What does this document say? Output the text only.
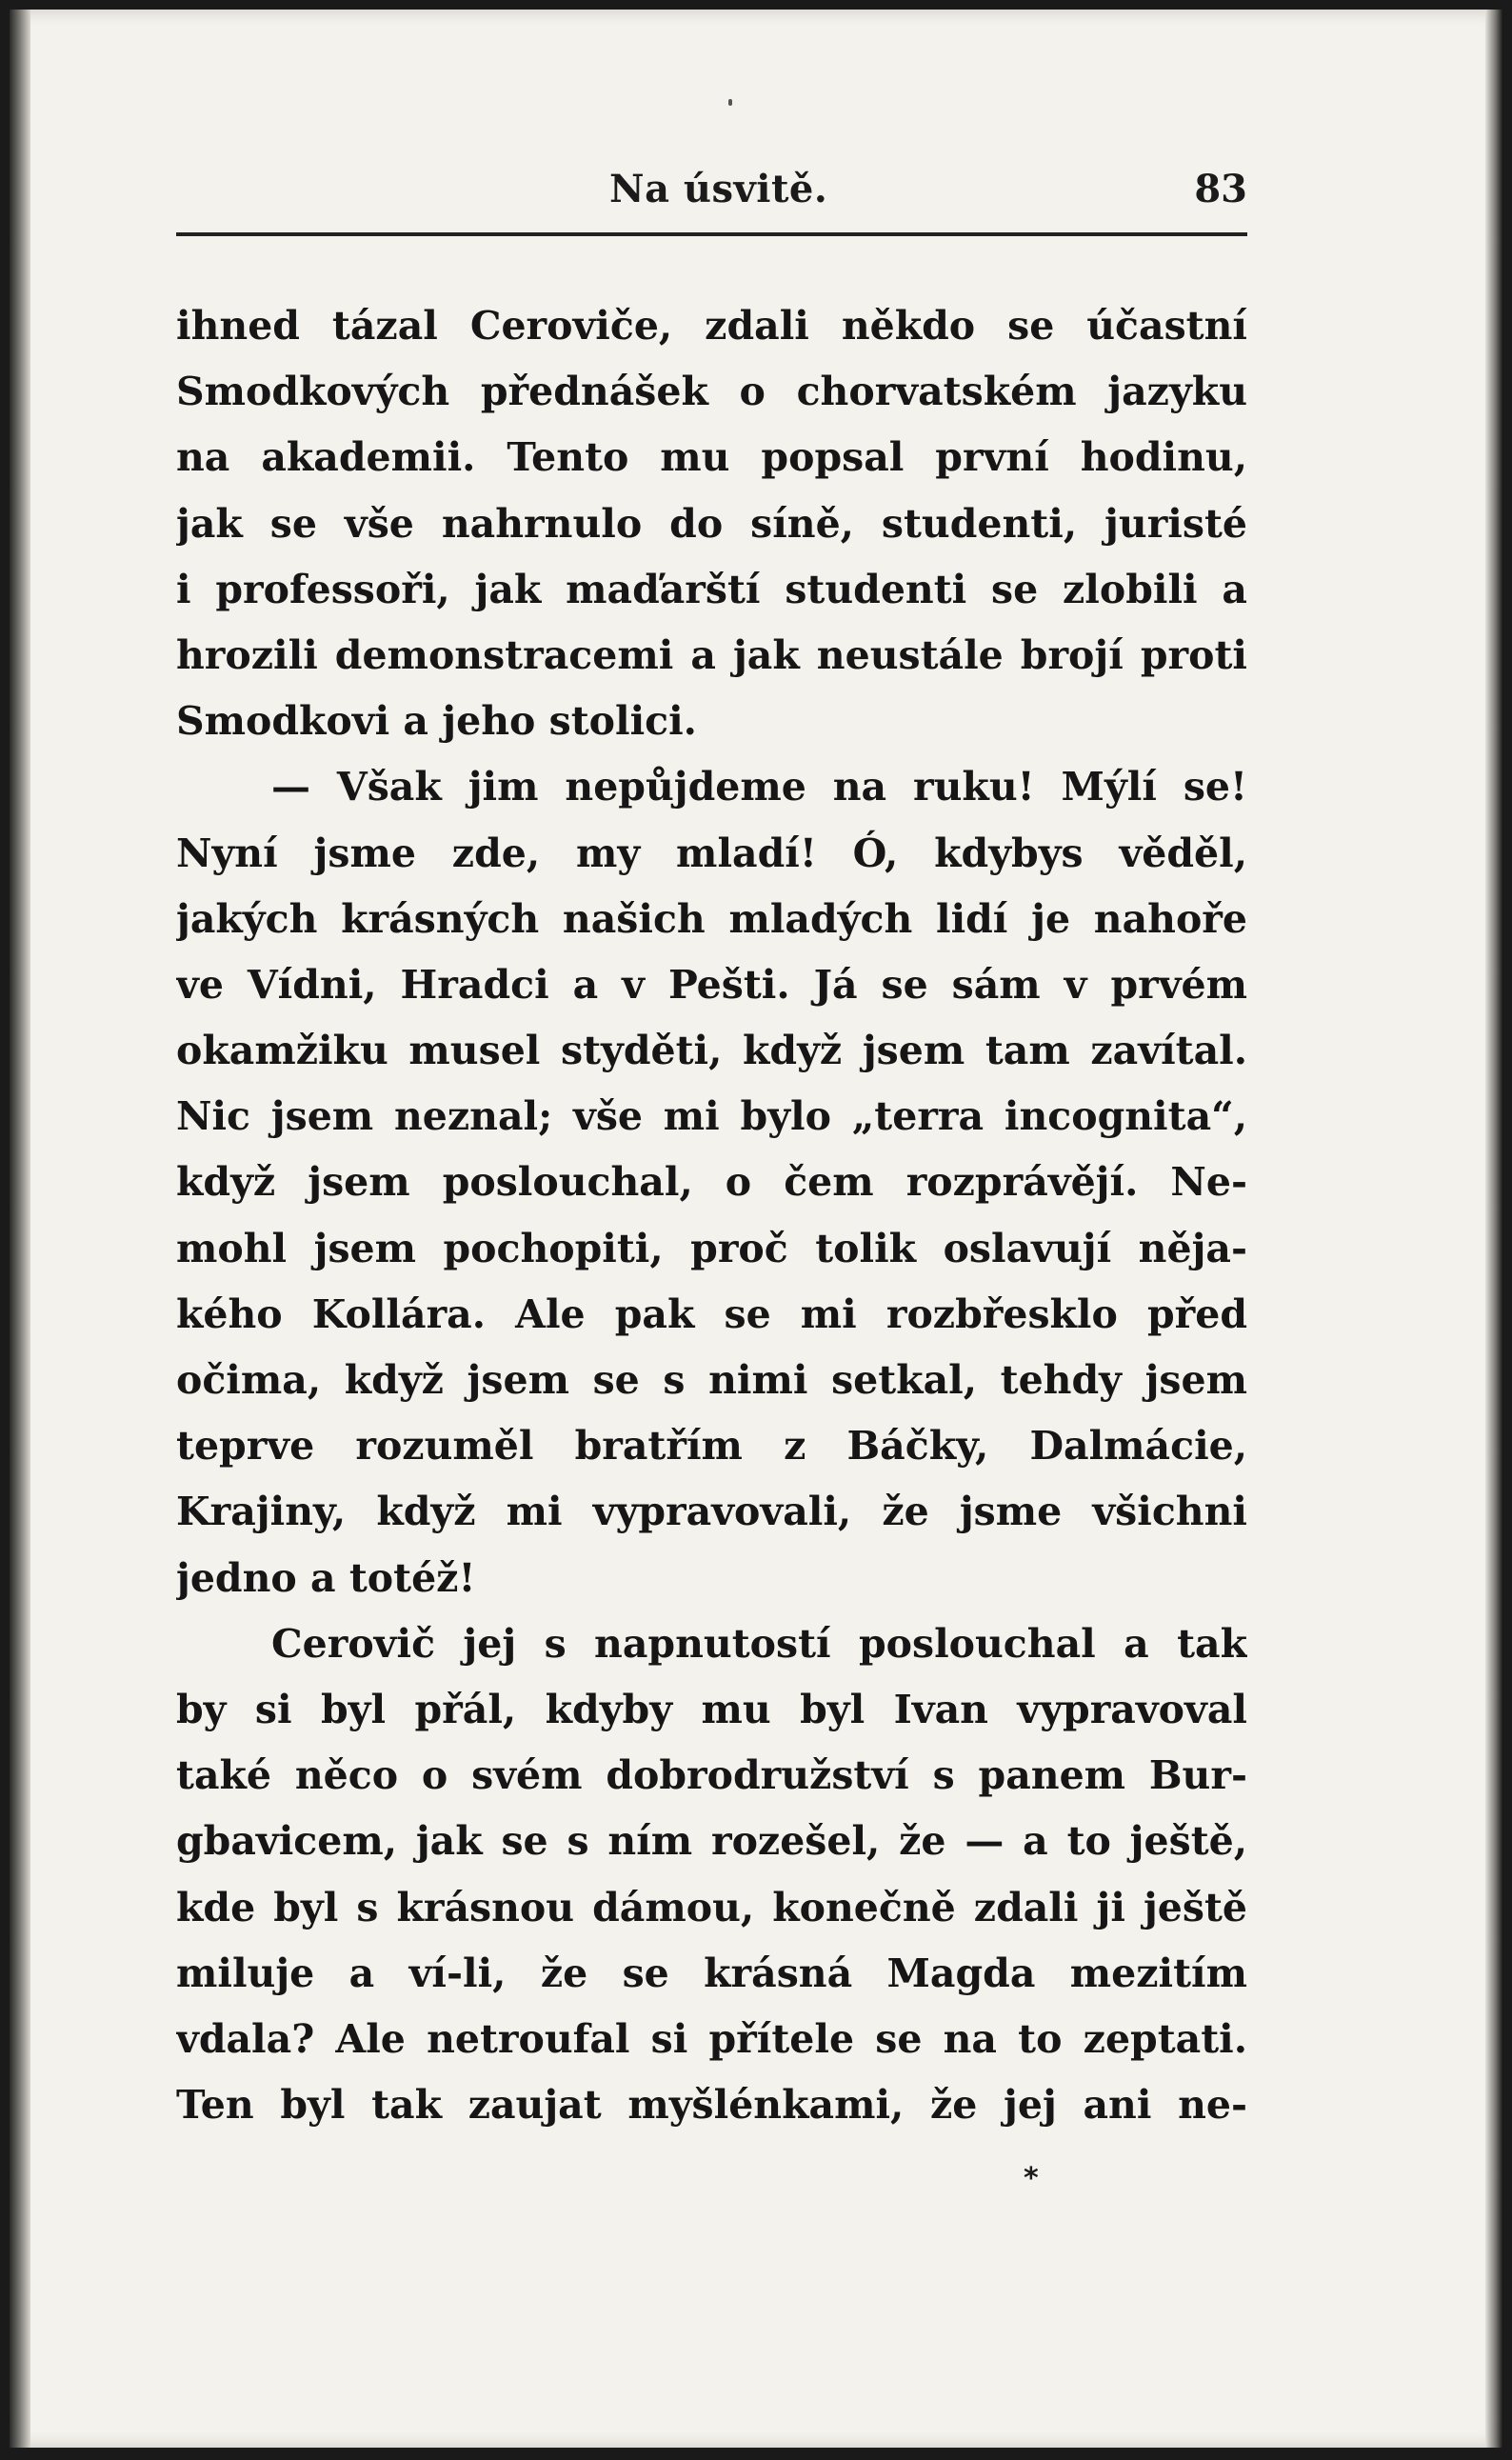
Na úsvitě.	83
ihned tázal Ceroviče, zdali někdo se účastní
Smodkových přednášek o chorvatském jazyku
na akademii. Tento mu popsal první hodinu,
jak se vše nahrnulo do síně, studenti, juristé
i professoři, jak maďarští studenti se zlobili a
hrozili demonstracemi a jak neustále brojí proti
Smodkovi a jeho stolici.
— Však jim nepůjdeme na ruku! Mýlí se!
Nyní jsme zde, my mladí! Ó, kdybys věděl,
jakých krásných našich mladých lidí je nahoře
ve Vídni, Hradci a v Pešti. Já se sám v prvém
okamžiku musel styděti, když jsem tam zavítal.
Nic jsem neznal; vše mi bylo „terra incognita“,
když jsem poslouchal, o čem rozprávějí. Ne-
mohl jsem pochopiti, proč tolik oslavují něja-
kého Kollára. Ale pak se mi rozbřesklo před
očima, když jsem se s nimi setkal, tehdy jsem
teprve rozuměl bratřím z Báčky, Dalmácie,
Krajiny, když mi vypravovali, že jsme všichni
jedno a totéž!
Cerovič jej s napnutostí poslouchal a tak
by si byl přál, kdyby mu byl Ivan vypravoval
také něco o svém dobrodružství s panem Bur-
gbavicem, jak se s ním rozešel, že — a to ještě,
kde byl s krásnou dámou, konečně zdali ji ještě
miluje a ví-li, že se krásná Magda mezitím
vdala? Ale netroufal si přítele se na to zeptati.
Ten byl tak zaujat myšlénkami, že jej ani ne-
*
